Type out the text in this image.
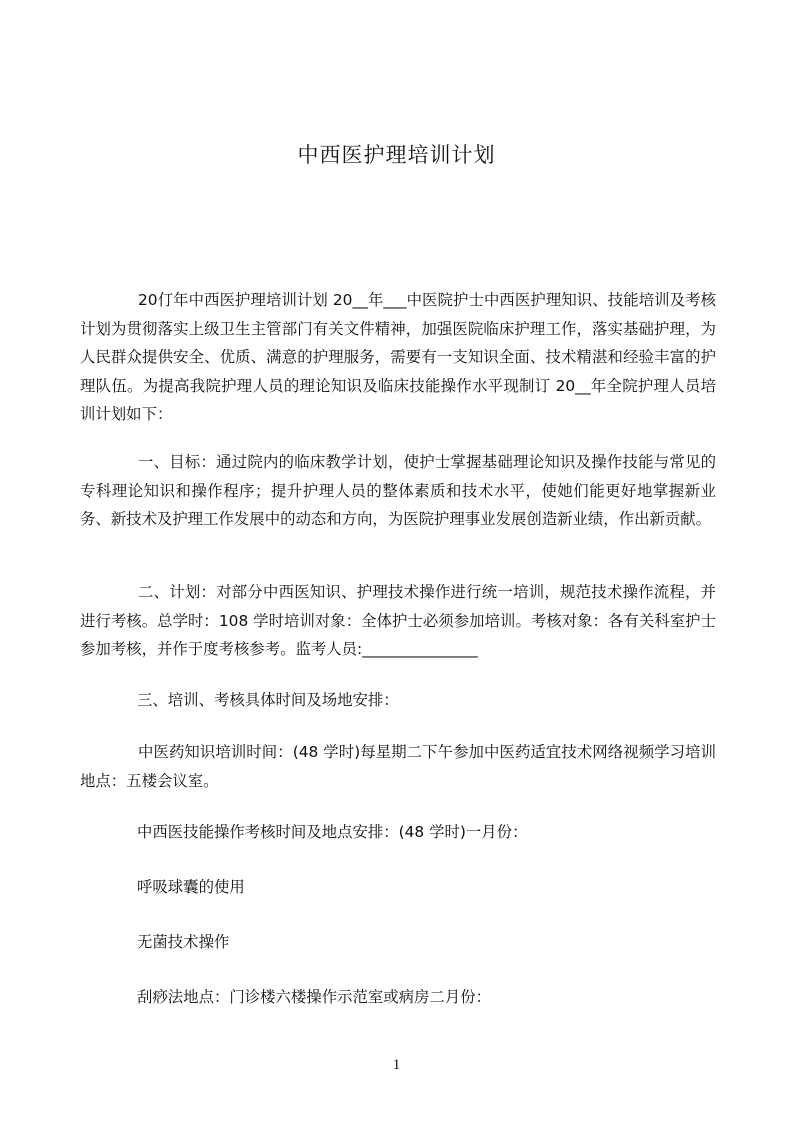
中西医护理培训计划
20仃年中西医护理培训计划 20__年___中医院护士中西医护理知识、技能培训及考核计划为贯彻落实上级卫生主管部门有关文件精神，加强医院临床护理工作，落实基础护理，为人民群众提供安全、优质、满意的护理服务，需要有一支知识全面、技术精湛和经验丰富的护理队伍。为提高我院护理人员的理论知识及临床技能操作水平现制订 20__年全院护理人员培训计划如下：
一、目标：通过院内的临床教学计划，使护士掌握基础理论知识及操作技能与常见的专科理论知识和操作程序；提升护理人员的整体素质和技术水平，使她们能更好地掌握新业务、新技术及护理工作发展中的动态和方向，为医院护理事业发展创造新业绩，作出新贡献。
二、计划：对部分中西医知识、护理技术操作进行统一培训，规范技术操作流程，并进行考核。总学时：108 学时培训对象：全体护士必须参加培训。考核对象：各有关科室护士参加考核，并作于度考核参考。监考人员:_______________
三、培训、考核具体时间及场地安排：
中医药知识培训时间：(48 学时)每星期二下午参加中医药适宜技术网络视频学习培训地点：五楼会议室。
中西医技能操作考核时间及地点安排：(48 学时)一月份：
呼吸球囊的使用
无菌技术操作
刮痧法地点：门诊楼六楼操作示范室或病房二月份：
1
